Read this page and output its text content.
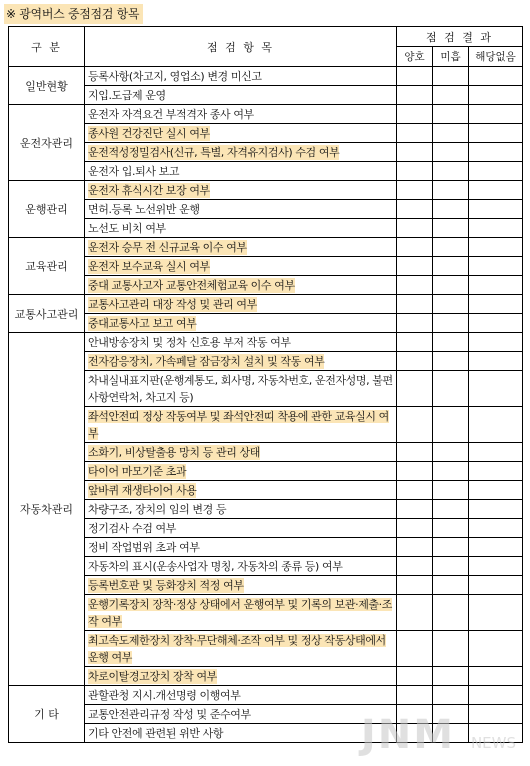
※ 광역버스 중점점검 항목
구 분	점 검 항 목	점 검 결 과		
		양호	미흡	해당없음
일반현황	등록사항(차고지, 영업소) 변경 미신고			
	지입.도급제 운영			
운전자관리	운전자 자격요건 부적격자 종사 여부			
	종사원 건강진단 실시 여부			
	운전적성정밀검사(신규, 특별, 자격유지검사) 수검 여부			
	운전자 입.퇴사 보고			
운행관리	운전자 휴식시간 보장 여부			
	면허.등록 노선위반 운행			
	노선도 비치 여부			
교육관리	운전자 승무 전 신규교육 이수 여부			
	운전자 보수교육 실시 여부			
	중대 교통사고자 교통안전체험교육 이수 여부			
교통사고관리	교통사고관리 대장 작성 및 관리 여부			
	중대교통사고 보고 여부			
자동차관리	안내방송장치 및 정차 신호용 부저 작동 여부			
	전자감응장치, 가속페달 잠금장치 설치 및 작동 여부			
	차내실내표지판(운행계통도, 회사명, 자동차번호, 운전자성명, 불편사항연락처, 차고지 등)			
	좌석안전띠 정상 작동여부 및 좌석안전띠 착용에 관한 교육실시 여부			
	소화기, 비상탈출용 망치 등 관리 상태			
	타이어 마모기준 초과			
	앞바퀴 재생타이어 사용			
	차량구조, 장치의 임의 변경 등			
	정기검사 수검 여부			
	정비 작업범위 초과 여부			
	자동차의 표시(운송사업자 명칭, 자동차의 종류 등) 여부			
	등록번호판 및 등화장치 적정 여부			
	운행기록장치 장착·정상 상태에서 운행여부 및 기록의 보관·제출·조작 여부			
	최고속도제한장치 장착·무단해체·조작 여부 및 정상 작동상태에서 운행 여부			
	차로이탈경고장치 장착 여부			
기 타	관할관청 지시.개선명령 이행여부			
	교통안전관리규정 작성 및 준수여부			
	기타 안전에 관련된 위반 사항				JNM NEWS
